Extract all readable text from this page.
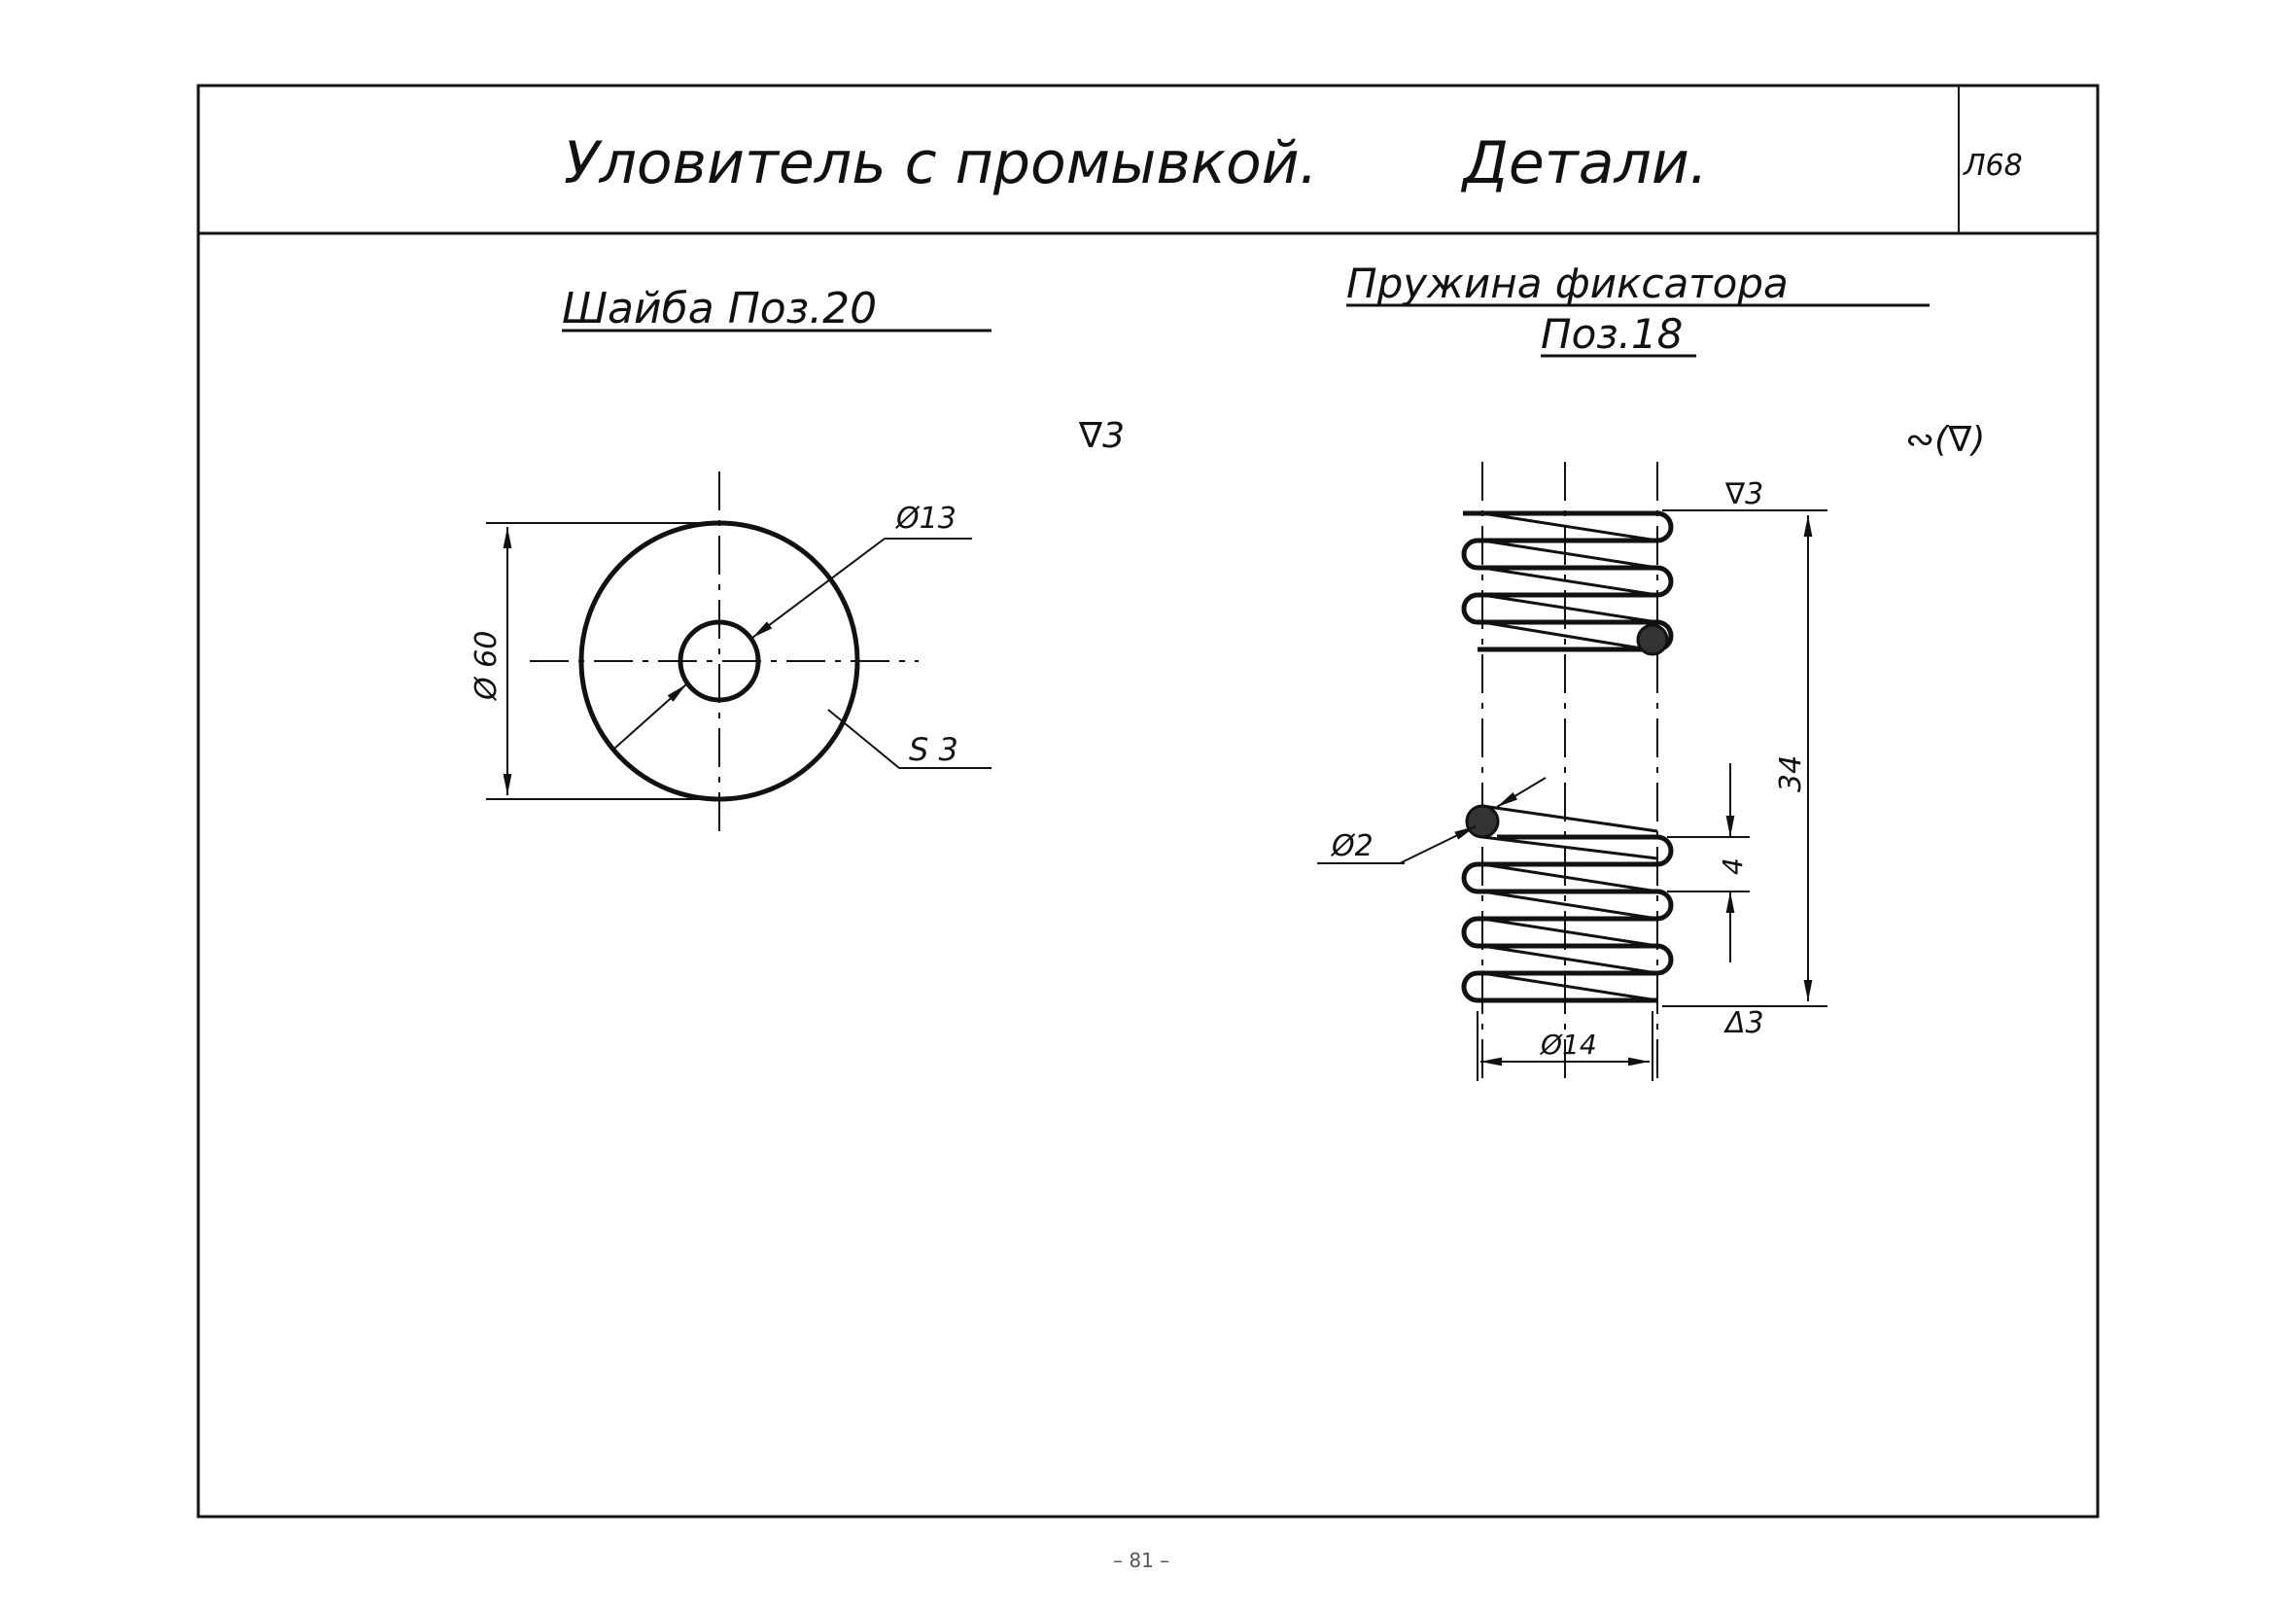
Уловитель с промывкой. Детали.	Л68
Шайба Поз.20
∇3
Ø 60
Ø13
S 3
Пружина фиксатора
Поз.18
∾(∇)
∇3
Δ3
34
4
Ø2
Ø14
– 81 –
